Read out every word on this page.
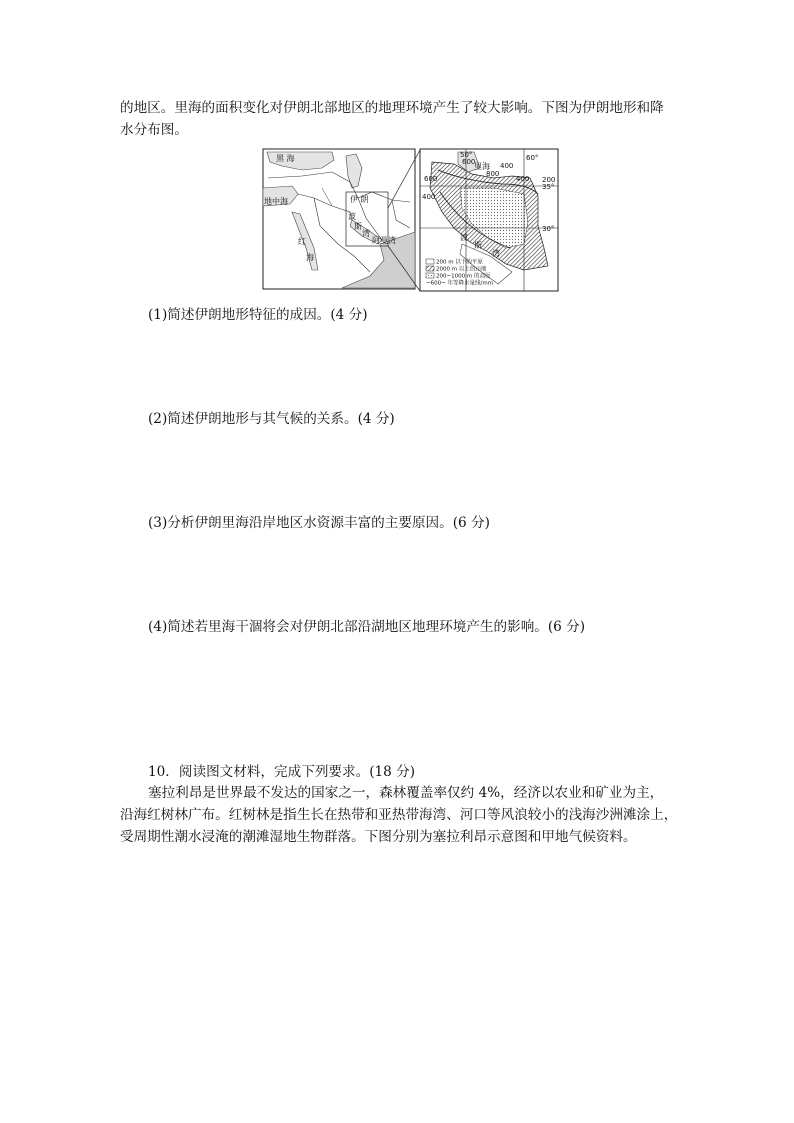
的地区。里海的面积变化对伊朗北部地区的地理环境产生了较大影响。下图为伊朗地形和降
水分布图。
黑 海
地中海	伊 朗
波
斯
湾
红
海
阿曼湾
里海
50°	60°
35°
30°
600	400
800
400 200
600
400
波
斯
湾
200 m 以下的平原
2000 m 以上的山地
200~1000 m 的高原
~600~ 年等降水量线/mm
(1)简述伊朗地形特征的成因。(4 分)
(2)简述伊朗地形与其气候的关系。(4 分)
(3)分析伊朗里海沿岸地区水资源丰富的主要原因。(6 分)
(4)简述若里海干涸将会对伊朗北部沿湖地区地理环境产生的影响。(6 分)
10．阅读图文材料，完成下列要求。(18 分)
塞拉利昂是世界最不发达的国家之一，森林覆盖率仅约 4%，经济以农业和矿业为主，
沿海红树林广布。红树林是指生长在热带和亚热带海湾、河口等风浪较小的浅海沙洲滩涂上，
受周期性潮水浸淹的潮滩湿地生物群落。下图分别为塞拉利昂示意图和甲地气候资料。
